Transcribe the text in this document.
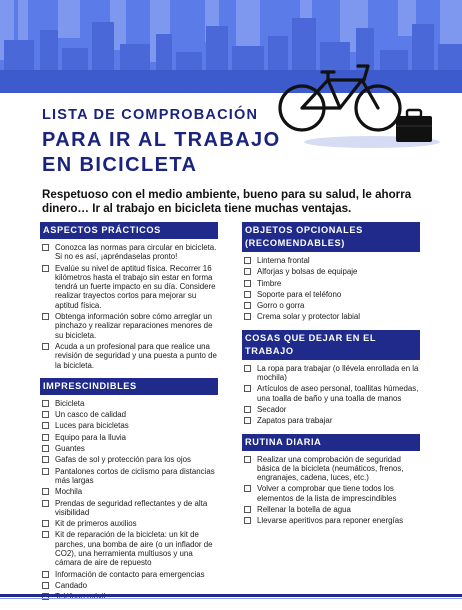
LISTA DE COMPROBACIÓN
PARA IR AL TRABAJO
EN BICICLETA
Respetuoso con el medio ambiente, bueno para su salud, le ahorra dinero… Ir al trabajo en bicicleta tiene muchas ventajas.
ASPECTOS PRÁCTICOS
Conozca las normas para circular en bicicleta. Si no es así, ¡apréndaselas pronto!
Evalúe su nivel de aptitud física. Recorrer 16 kilómetros hasta el trabajo sin estar en forma tendrá un fuerte impacto en su día. Considere realizar trayectos cortos para mejorar su aptitud física.
Obtenga información sobre cómo arreglar un pinchazo y realizar reparaciones menores de su bicicleta.
Acuda a un profesional para que realice una revisión de seguridad y una puesta a punto de la bicicleta.
IMPRESCINDIBLES
Bicicleta
Un casco de calidad
Luces para bicicletas
Equipo para la lluvia
Guantes
Gafas de sol y protección para los ojos
Pantalones cortos de ciclismo para distancias más largas
Mochila
Prendas de seguridad reflectantes y de alta visibilidad
Kit de primeros auxilios
Kit de reparación de la bicicleta: un kit de parches, una bomba de aire (o un inflador de CO2), una herramienta multiusos y una cámara de aire de repuesto
Información de contacto para emergencias
Candado
OBJETOS OPCIONALES (RECOMENDABLES)
Linterna frontal
Alforjas y bolsas de equipaje
Timbre
Soporte para el teléfono
Gorro o gorra
Crema solar y protector labial
COSAS QUE DEJAR EN EL TRABAJO
La ropa para trabajar (o llévela enrollada en la mochila)
Artículos de aseo personal, toallitas húmedas, una toalla de baño y una toalla de manos
Secador
Zapatos para trabajar
RUTINA DIARIA
Realizar una comprobación de seguridad básica de la bicicleta (neumáticos, frenos, engranajes, cadena, luces, etc.)
Volver a comprobar que tiene todos los elementos de la lista de imprescindibles
Rellenar la botella de agua
Llevarse aperitivos para reponer energías
